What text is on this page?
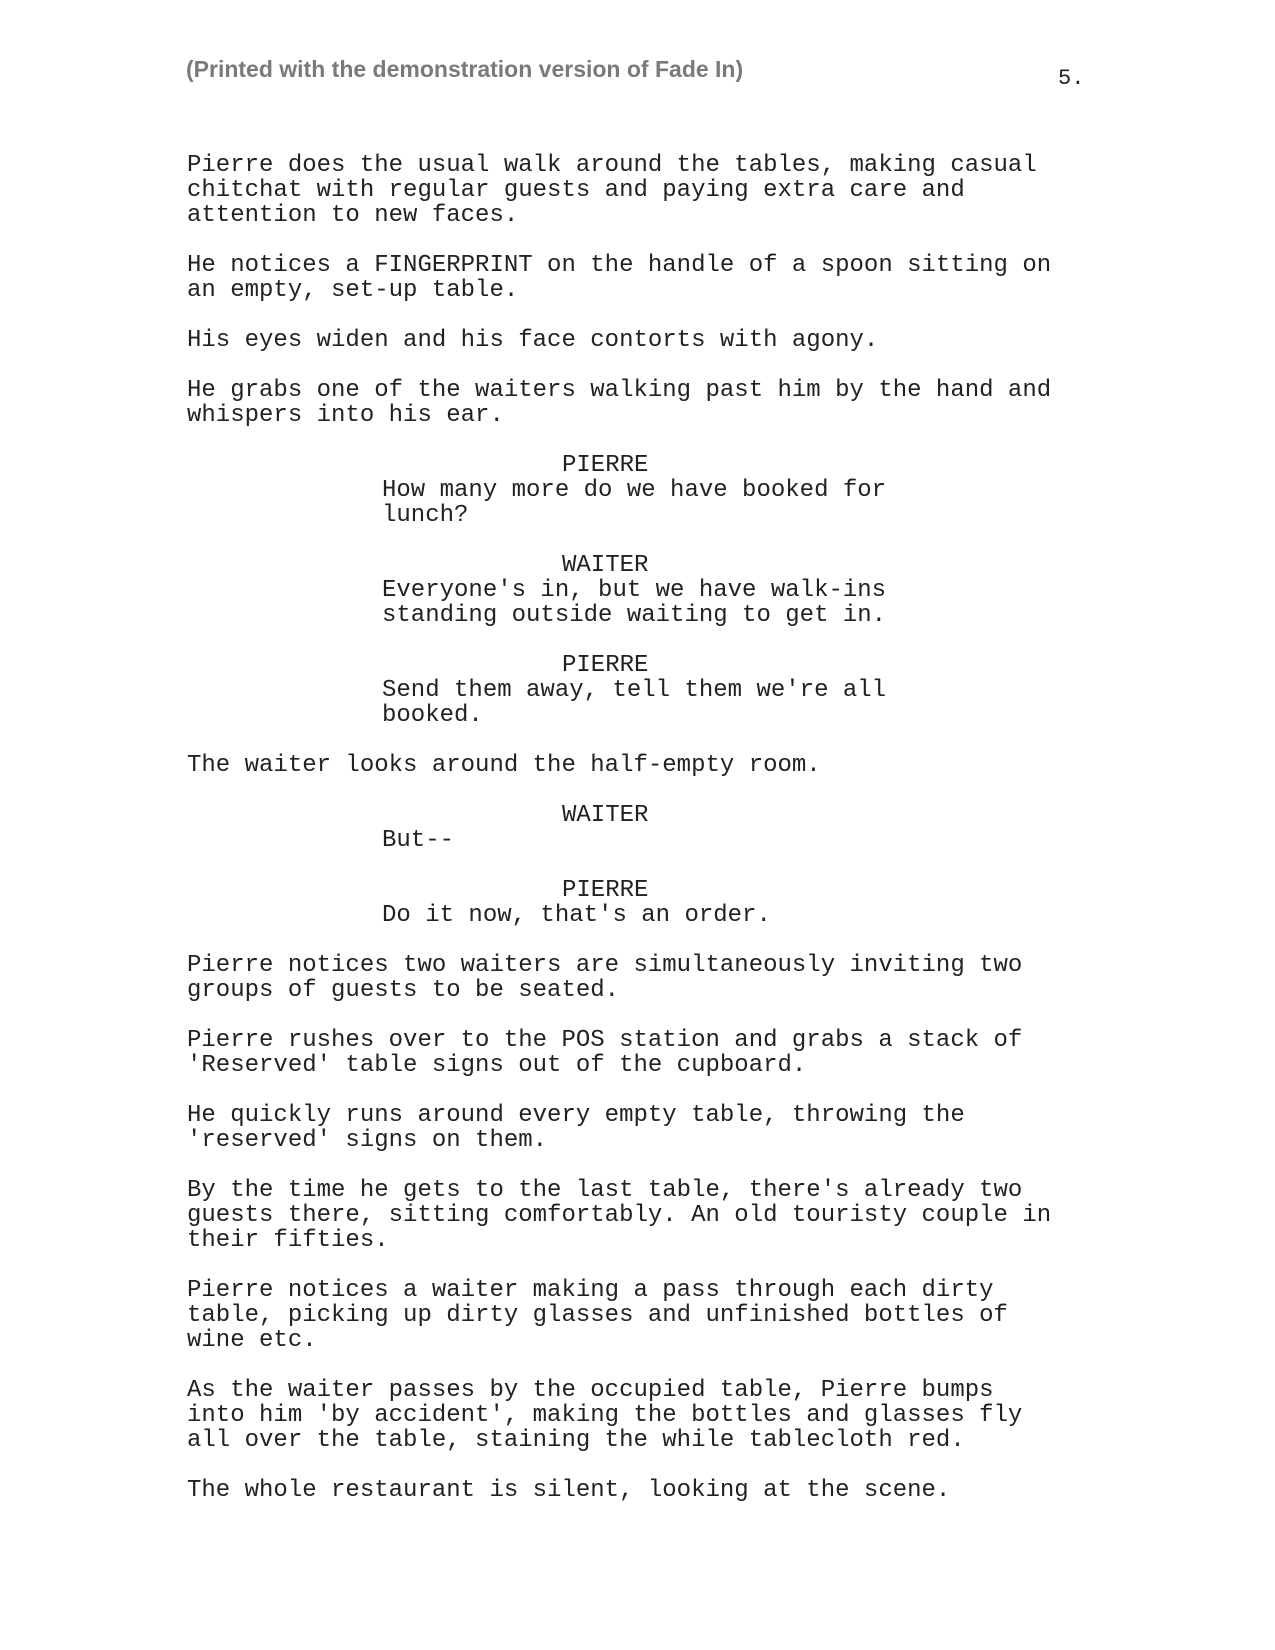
(Printed with the demonstration version of Fade In)	5.

Pierre does the usual walk around the tables, making casual
chitchat with regular guests and paying extra care and
attention to new faces.

He notices a FINGERPRINT on the handle of a spoon sitting on
an empty, set-up table.

His eyes widen and his face contorts with agony.

He grabs one of the waiters walking past him by the hand and
whispers into his ear.

PIERRE
How many more do we have booked for
lunch?
WAITER
Everyone's in, but we have walk-ins
standing outside waiting to get in.
PIERRE
Send them away, tell them we're all
booked.

The waiter looks around the half-empty room.

WAITER
But--
PIERRE
Do it now, that's an order.

Pierre notices two waiters are simultaneously inviting two
groups of guests to be seated.

Pierre rushes over to the POS station and grabs a stack of
'Reserved' table signs out of the cupboard.

He quickly runs around every empty table, throwing the
'reserved' signs on them.

By the time he gets to the last table, there's already two
guests there, sitting comfortably. An old touristy couple in
their fifties.

Pierre notices a waiter making a pass through each dirty
table, picking up dirty glasses and unfinished bottles of
wine etc.

As the waiter passes by the occupied table, Pierre bumps
into him 'by accident', making the bottles and glasses fly
all over the table, staining the while tablecloth red.

The whole restaurant is silent, looking at the scene.
